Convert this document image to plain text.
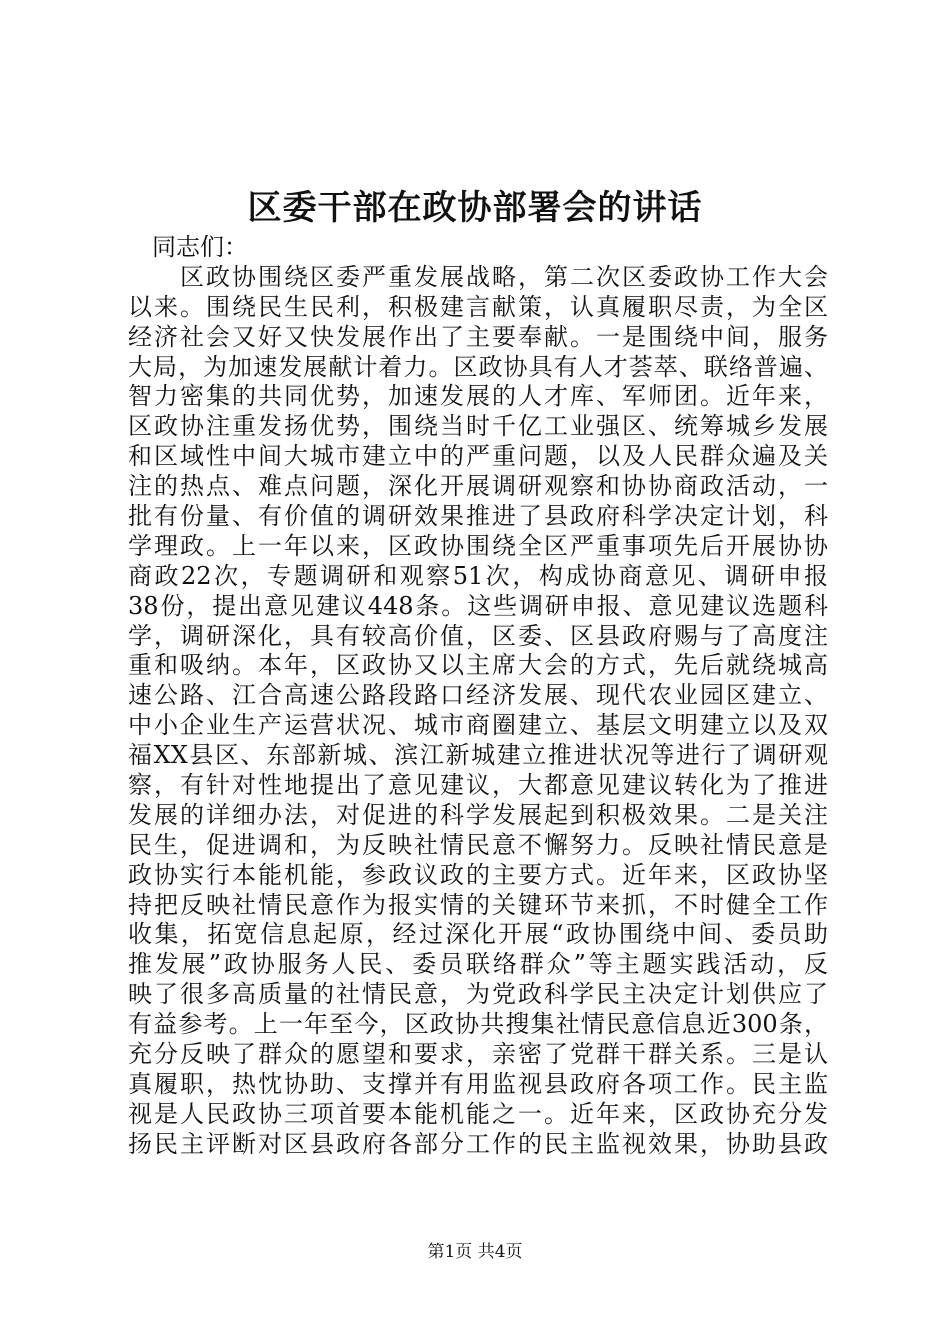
区委干部在政协部署会的讲话
同志们：
区政协围绕区委严重发展战略，第二次区委政协工作大会
以来。围绕民生民利，积极建言献策，认真履职尽责，为全区
经济社会又好又快发展作出了主要奉献。一是围绕中间，服务
大局，为加速发展献计着力。区政协具有人才荟萃、联络普遍、
智力密集的共同优势，加速发展的人才库、军师团。近年来，
区政协注重发扬优势，围绕当时千亿工业强区、统筹城乡发展
和区域性中间大城市建立中的严重问题，以及人民群众遍及关
注的热点、难点问题，深化开展调研观察和协协商政活动，一
批有份量、有价值的调研效果推进了县政府科学决定计划，科
学理政。上一年以来，区政协围绕全区严重事项先后开展协协
商政22次，专题调研和观察51次，构成协商意见、调研申报
38份，提出意见建议448条。这些调研申报、意见建议选题科
学，调研深化，具有较高价值，区委、区县政府赐与了高度注
重和吸纳。本年，区政协又以主席大会的方式，先后就绕城高
速公路、江合高速公路段路口经济发展、现代农业园区建立、
中小企业生产运营状况、城市商圈建立、基层文明建立以及双
福XX县区、东部新城、滨江新城建立推进状况等进行了调研观
察，有针对性地提出了意见建议，大都意见建议转化为了推进
发展的详细办法，对促进的科学发展起到积极效果。二是关注
民生，促进调和，为反映社情民意不懈努力。反映社情民意是
政协实行本能机能，参政议政的主要方式。近年来，区政协坚
持把反映社情民意作为报实情的关键环节来抓，不时健全工作
收集，拓宽信息起原，经过深化开展“政协围绕中间、委员助
推发展”政协服务人民、委员联络群众”等主题实践活动，反
映了很多高质量的社情民意，为党政科学民主决定计划供应了
有益参考。上一年至今，区政协共搜集社情民意信息近300条，
充分反映了群众的愿望和要求，亲密了党群干群关系。三是认
真履职，热忱协助、支撑并有用监视县政府各项工作。民主监
视是人民政协三项首要本能机能之一。近年来，区政协充分发
扬民主评断对区县政府各部分工作的民主监视效果，协助县政
第1页 共4页
